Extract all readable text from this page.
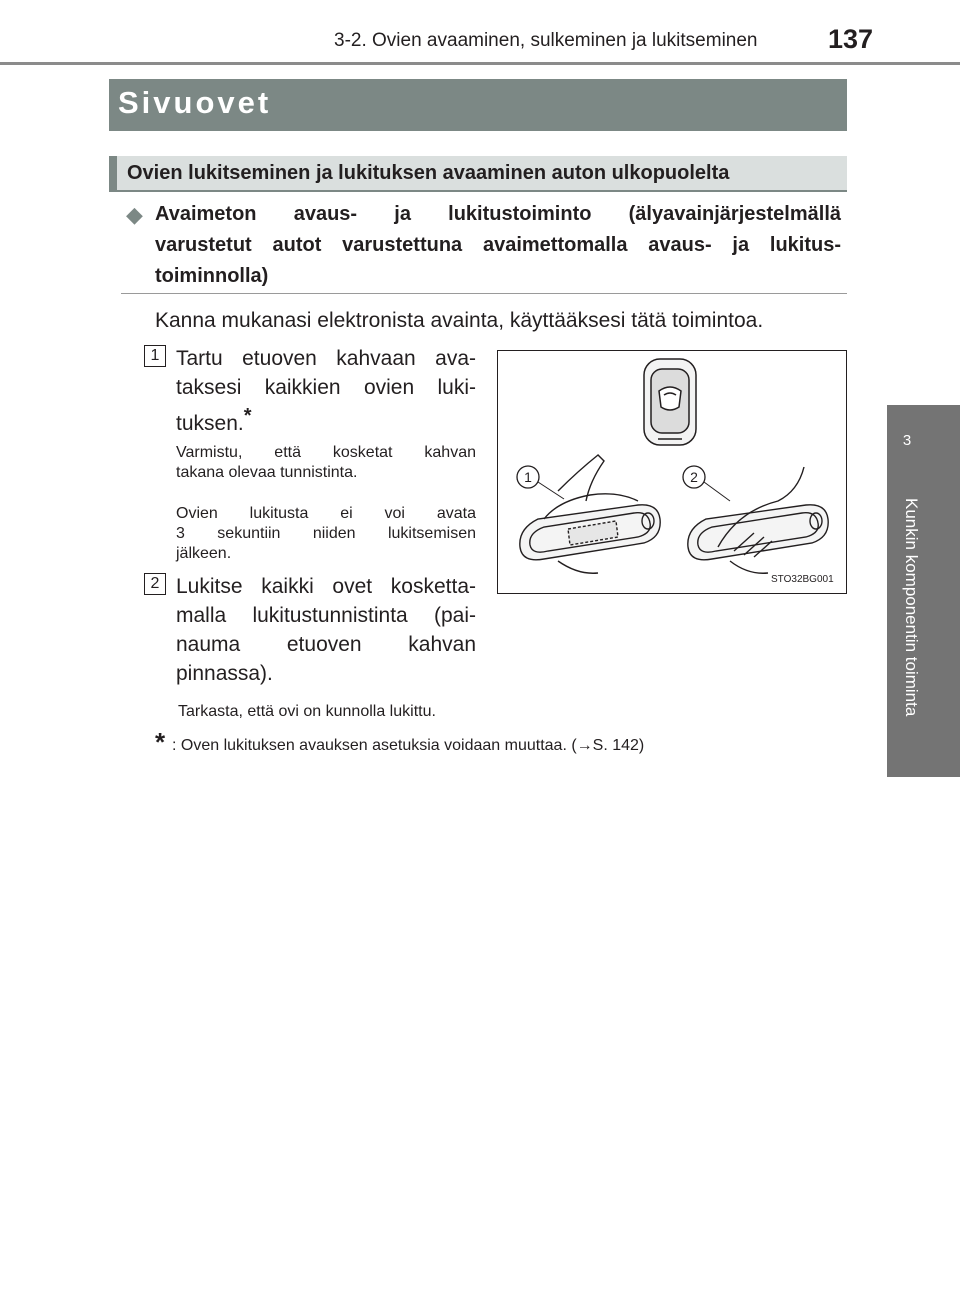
3-2. Ovien avaaminen, sulkeminen ja lukitseminen	137
3
Kunkin komponentin toiminta
Sivuovet
Ovien lukitseminen ja lukituksen avaaminen auton ulkopuolelta
◆ Avaimeton avaus- ja lukitustoiminto (älyavainjärjestelmällä
varustetut autot varustettuna avaimettomalla avaus- ja lukitus-
toiminnolla)
Kanna mukanasi elektronista avainta, käyttääksesi tätä toimintoa.
1 Tartu etuoven kahvaan ava-
taksesi kaikkien ovien luki-
tuksen.*
Varmistu, että kosketat kahvan
takana olevaa tunnistinta.
Ovien lukitusta ei voi avata
3 sekuntiin niiden lukitsemisen
jälkeen.
2 Lukitse kaikki ovet kosketta-
malla lukitustunnistinta (pai-
nauma etuoven kahvan
pinnassa).
1	2
STO32BG001
Tarkasta, että ovi on kunnolla lukittu.
* : Oven lukituksen avauksen asetuksia voidaan muuttaa. (→S. 142)
